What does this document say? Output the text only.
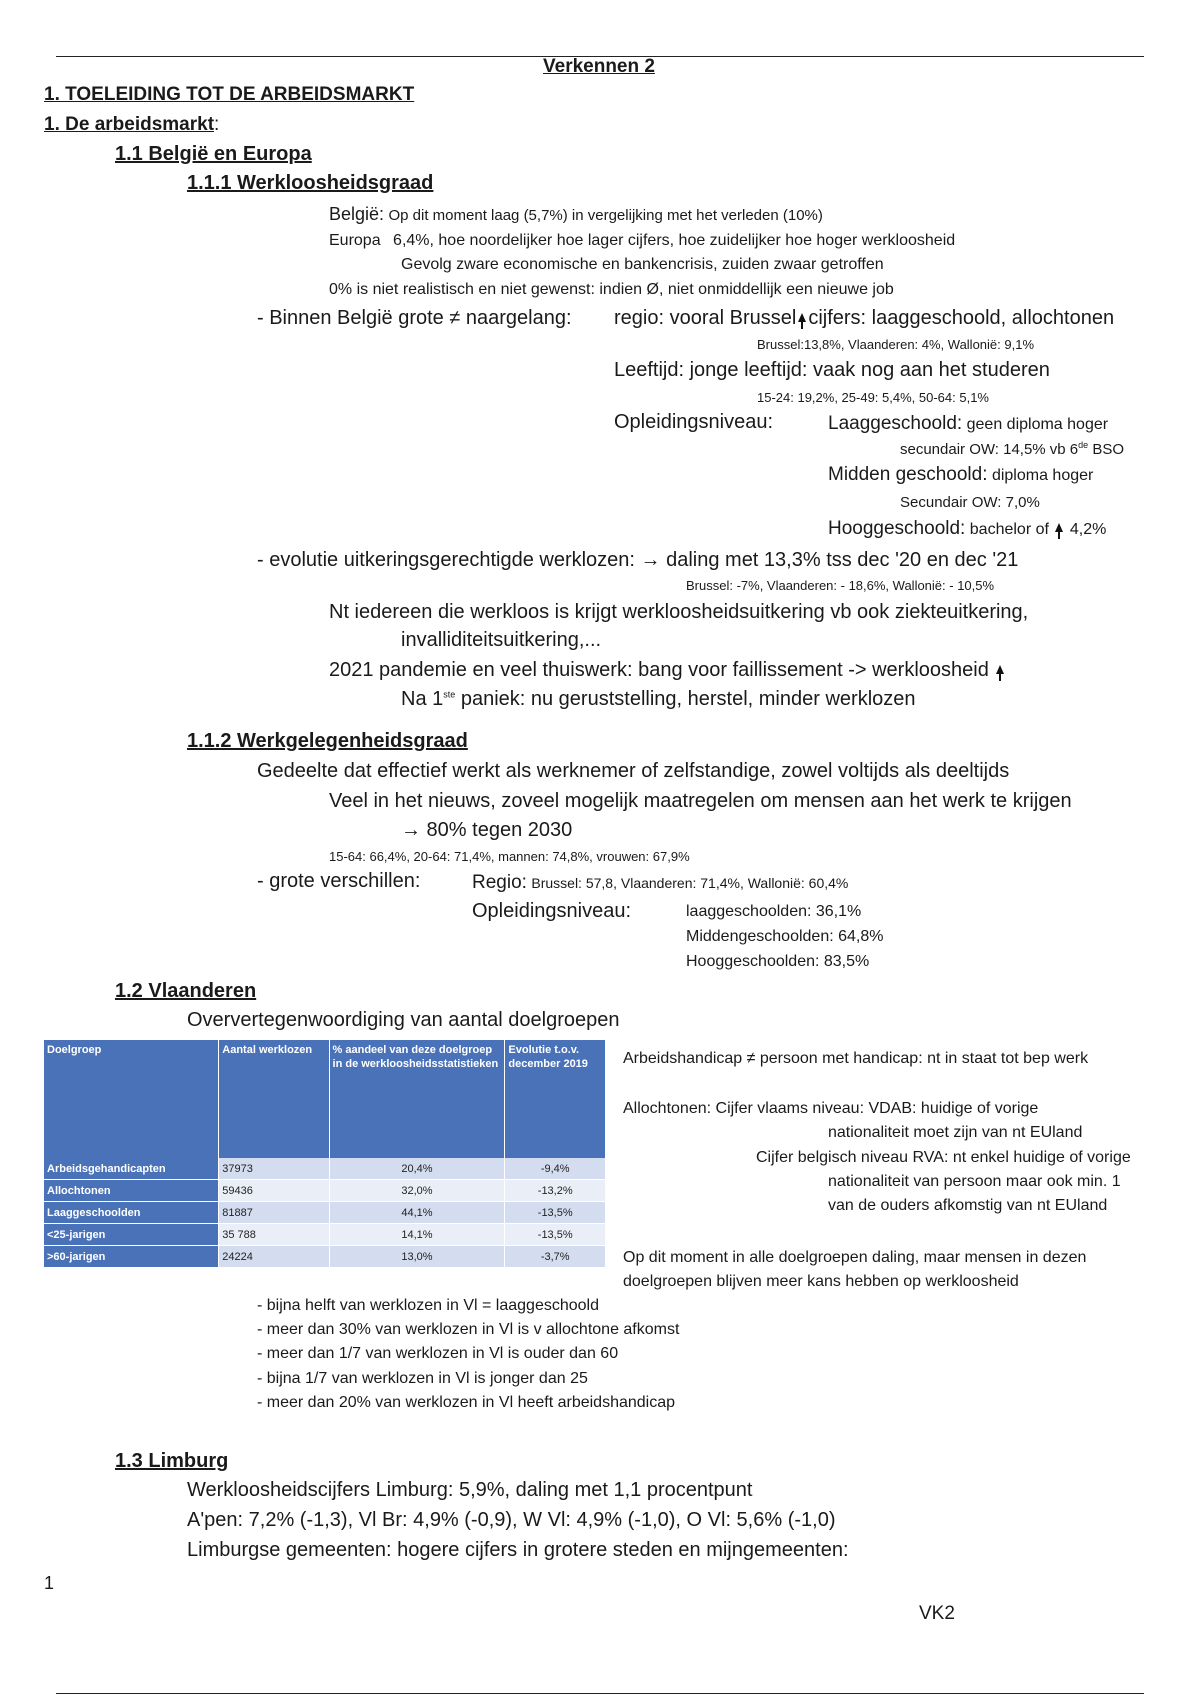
Verkennen 2
1. TOELEIDING TOT DE ARBEIDSMARKT
1. De arbeidsmarkt:
1.1 België en Europa
1.1.1 Werkloosheidsgraad
België: Op dit moment laag (5,7%) in vergelijking met het verleden (10%)
Europa 6,4%, hoe noordelijker hoe lager cijfers, hoe zuidelijker hoe hoger werkloosheid
Gevolg zware economische en bankencrisis, zuiden zwaar getroffen
0% is niet realistisch en niet gewenst: indien Ø, niet onmiddellijk een nieuwe job
- Binnen België grote ≠ naargelang: regio: vooral Brussel cijfers: laaggeschoold, allochtonen
Brussel:13,8%, Vlaanderen: 4%, Wallonië: 9,1%
Leeftijd: jonge leeftijd: vaak nog aan het studeren
15-24: 19,2%, 25-49: 5,4%, 50-64: 5,1%
Opleidingsniveau:	Laaggeschoold: geen diploma hoger
secundair OW: 14,5% vb 6de BSO
Midden geschoold: diploma hoger
Secundair OW: 7,0%
Hooggeschoold: bachelor of 4,2%
- evolutie uitkeringsgerechtigde werklozen: → daling met 13,3% tss dec '20 en dec '21
Brussel: -7%, Vlaanderen: - 18,6%, Wallonië: - 10,5%
Nt iedereen die werkloos is krijgt werkloosheidsuitkering vb ook ziekteuitkering,
invalliditeitsuitkering,...
2021 pandemie en veel thuiswerk: bang voor faillissement -> werkloosheid
Na 1ste paniek: nu geruststelling, herstel, minder werklozen
1.1.2 Werkgelegenheidsgraad
Gedeelte dat effectief werkt als werknemer of zelfstandige, zowel voltijds als deeltijds
Veel in het nieuws, zoveel mogelijk maatregelen om mensen aan het werk te krijgen
→ 80% tegen 2030
15-64: 66,4%, 20-64: 71,4%, mannen: 74,8%, vrouwen: 67,9%
- grote verschillen:	Regio: Brussel: 57,8, Vlaanderen: 71,4%, Wallonië: 60,4%
Opleidingsniveau:	laaggeschoolden: 36,1%
Middengeschoolden: 64,8%
Hooggeschoolden: 83,5%
1.2 Vlaanderen
Oververtegenwoordiging van aantal doelgroepen
Doelgroep	Aantal werklozen	% aandeel van deze doelgroep in de werkloosheidsstatistieken	Evolutie t.o.v. december 2019
Arbeidsgehandicapten	37973	20,4%	-9,4%
Allochtonen	59436	32,0%	-13,2%
Laaggeschoolden	81887	44,1%	-13,5%
<25-jarigen	35 788	14,1%	-13,5%
>60-jarigen	24224	13,0%	-3,7%
Arbeidshandicap ≠ persoon met handicap: nt in staat tot bep werk
Allochtonen: Cijfer vlaams niveau: VDAB: huidige of vorige
nationaliteit moet zijn van nt EUland
Cijfer belgisch niveau RVA: nt enkel huidige of vorige
nationaliteit van persoon maar ook min. 1
van de ouders afkomstig van nt EUland
Op dit moment in alle doelgroepen daling, maar mensen in dezen
doelgroepen blijven meer kans hebben op werkloosheid
- bijna helft van werklozen in Vl = laaggeschoold
- meer dan 30% van werklozen in Vl is v allochtone afkomst
- meer dan 1/7 van werklozen in Vl is ouder dan 60
- bijna 1/7 van werklozen in Vl is jonger dan 25
- meer dan 20% van werklozen in Vl heeft arbeidshandicap
1.3 Limburg
Werkloosheidscijfers Limburg: 5,9%, daling met 1,1 procentpunt
A'pen: 7,2% (-1,3), Vl Br: 4,9% (-0,9), W Vl: 4,9% (-1,0), O Vl: 5,6% (-1,0)
Limburgse gemeenten: hogere cijfers in grotere steden en mijngemeenten:
1
VK2
